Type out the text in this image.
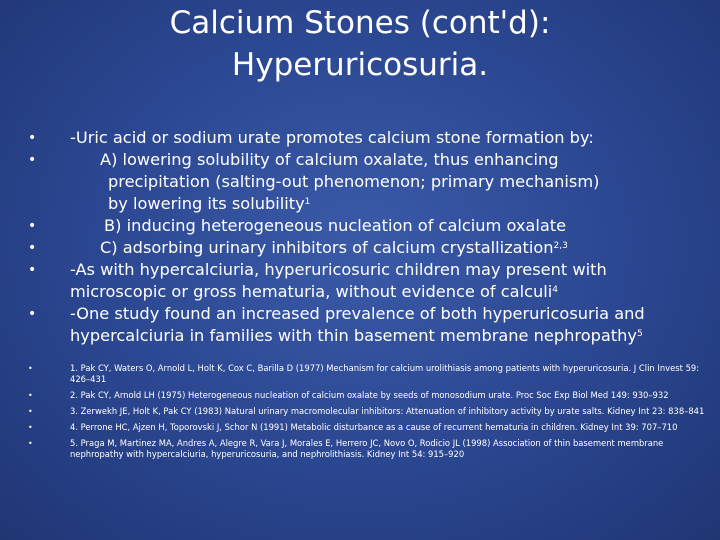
Calcium Stones (cont'd):
Hyperuricosuria.
• -Uric acid or sodium urate promotes calcium stone formation by:
• A) lowering solubility of calcium oxalate, thus enhancing
precipitation (salting-out phenomenon; primary mechanism)
by lowering its solubility$^1$
• B) inducing heterogeneous nucleation of calcium oxalate
• C) adsorbing urinary inhibitors of calcium crystallization$^{2,3}$
• -As with hypercalciuria, hyperuricosuric children may present with microscopic or gross hematuria, without evidence of calculi$^4$
• -One study found an increased prevalence of both hyperuricosuria and hypercalciuria in families with thin basement membrane nephropathy$^5$
• 1. Pak CY, Waters O, Arnold L, Holt K, Cox C, Barilla D (1977) Mechanism for calcium urolithiasis among patients with hyperuricosuria. J Clin Invest 59: 426–431
• 2. Pak CY, Arnold LH (1975) Heterogeneous nucleation of calcium oxalate by seeds of monosodium urate. Proc Soc Exp Biol Med 149: 930–932
• 3. Zerwekh JE, Holt K, Pak CY (1983) Natural urinary macromolecular inhibitors: Attenuation of inhibitory activity by urate salts. Kidney Int 23: 838–841
• 4. Perrone HC, Ajzen H, Toporovski J, Schor N (1991) Metabolic disturbance as a cause of recurrent hematuria in children. Kidney Int 39: 707–710
• 5. Praga M, Martinez MA, Andres A, Alegre R, Vara J, Morales E, Herrero JC, Novo O, Rodicio JL (1998) Association of thin basement membrane nephropathy with hypercalciuria, hyperuricosuria, and nephrolithiasis. Kidney Int 54: 915–920
